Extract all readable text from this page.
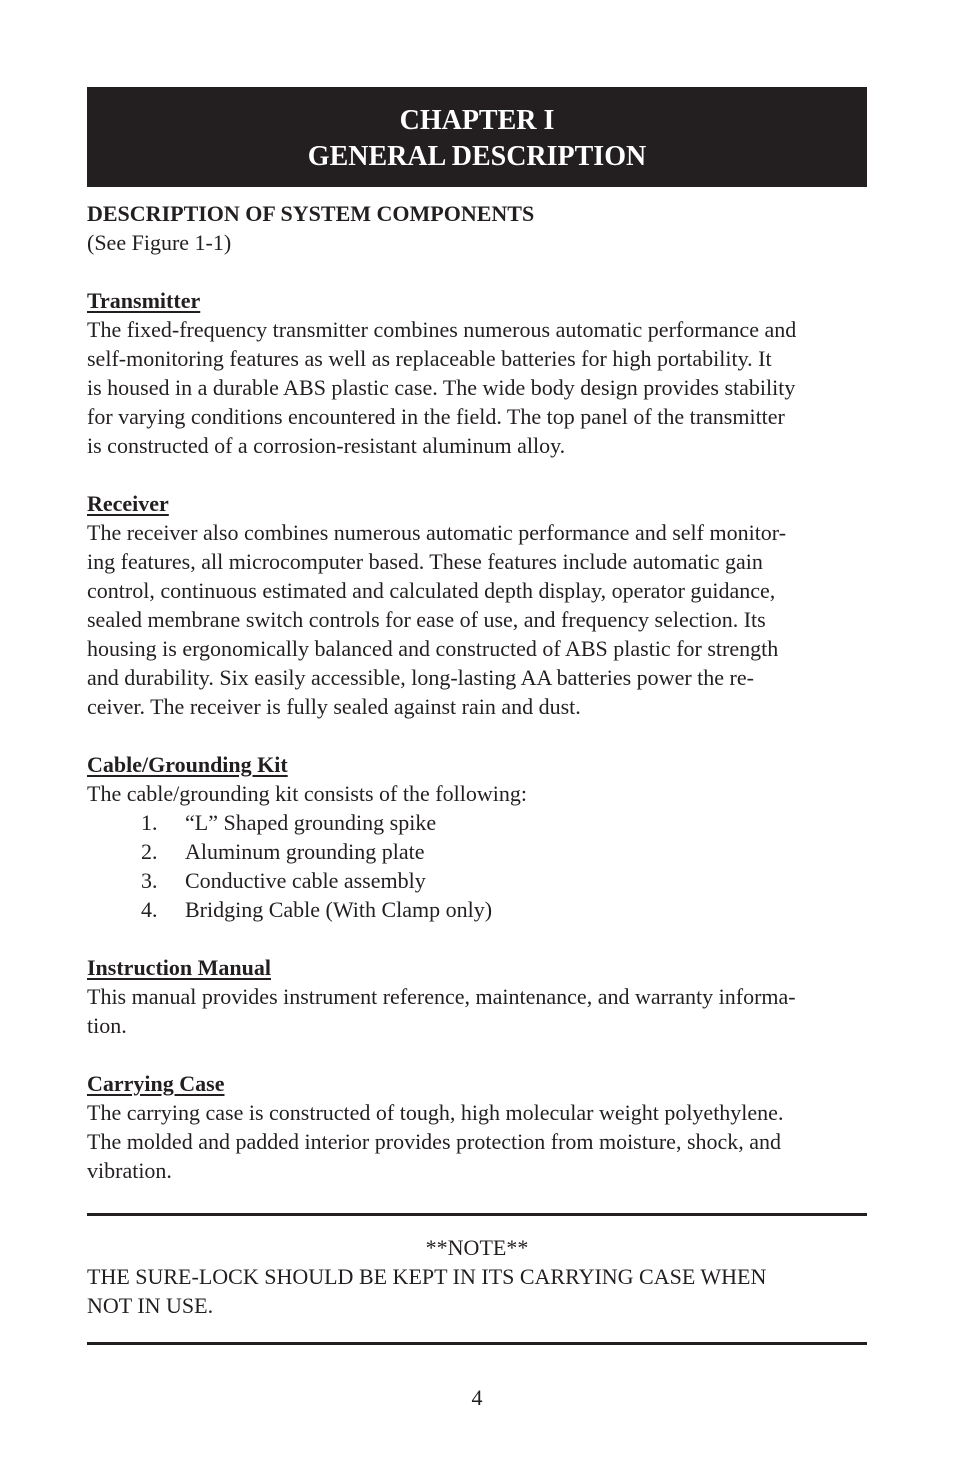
CHAPTER I
GENERAL DESCRIPTION
DESCRIPTION OF SYSTEM COMPONENTS
(See Figure 1-1)
Transmitter
The fixed-frequency transmitter combines numerous automatic performance and
self-monitoring features as well as replaceable batteries for high portability. It
is housed in a durable ABS plastic case. The wide body design provides stability
for varying conditions encountered in the field. The top panel of the transmitter
is constructed of a corrosion-resistant aluminum alloy.
Receiver
The receiver also combines numerous automatic performance and self monitor-
ing features, all microcomputer based. These features include automatic gain
control, continuous estimated and calculated depth display, operator guidance,
sealed membrane switch controls for ease of use, and frequency selection. Its
housing is ergonomically balanced and constructed of ABS plastic for strength
and durability. Six easily accessible, long-lasting AA batteries power the re-
ceiver. The receiver is fully sealed against rain and dust.
Cable/Grounding Kit
The cable/grounding kit consists of the following:
1. “L” Shaped grounding spike
2. Aluminum grounding plate
3. Conductive cable assembly
4. Bridging Cable (With Clamp only)
Instruction Manual
This manual provides instrument reference, maintenance, and warranty informa-
tion.
Carrying Case
The carrying case is constructed of tough, high molecular weight polyethylene.
The molded and padded interior provides protection from moisture, shock, and
vibration.
**NOTE**
THE SURE-LOCK SHOULD BE KEPT IN ITS CARRYING CASE WHEN
NOT IN USE.
4
